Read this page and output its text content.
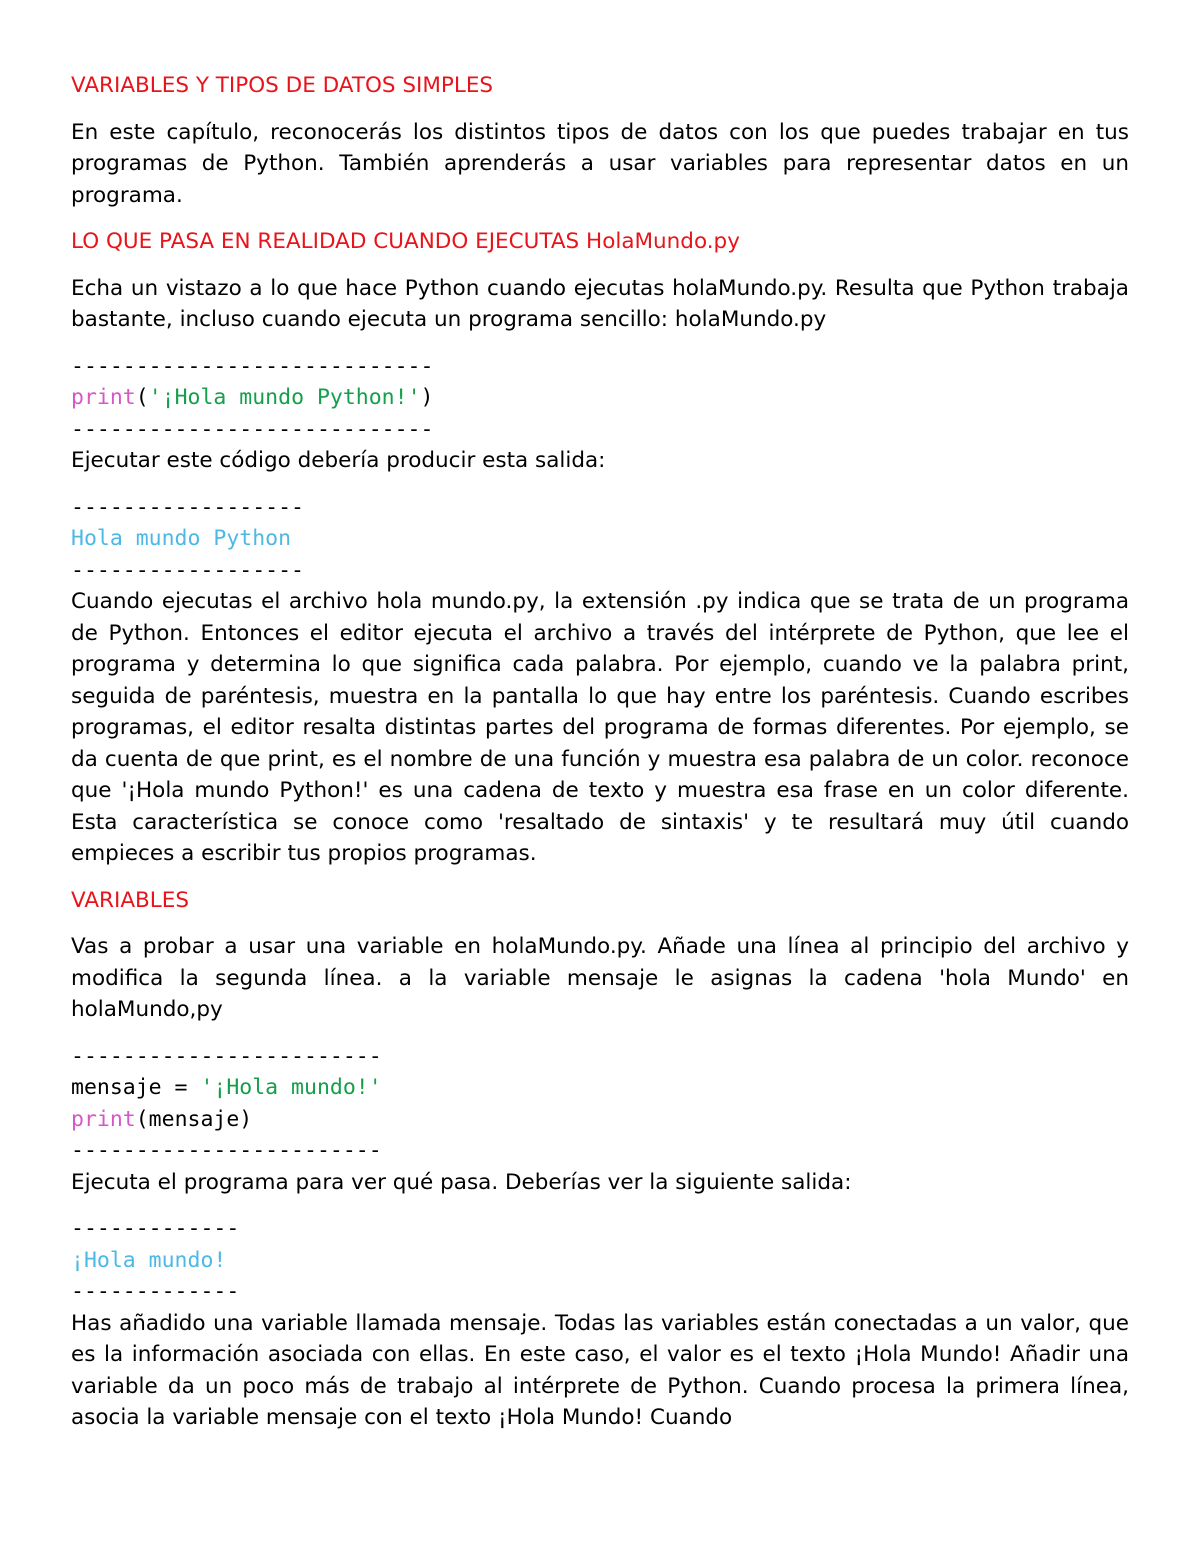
VARIABLES Y TIPOS DE DATOS SIMPLES

En este capítulo, reconocerás los distintos tipos de datos con los que puedes trabajar en tus programas de Python. También aprenderás a usar variables para representar datos en un programa.

LO QUE PASA EN REALIDAD CUANDO EJECUTAS HolaMundo.py

Echa un vistazo a lo que hace Python cuando ejecutas holaMundo.py. Resulta que Python trabaja bastante, incluso cuando ejecuta un programa sencillo: holaMundo.py

----------------------------
print('¡Hola mundo Python!')
----------------------------

Ejecutar este código debería producir esta salida:

------------------
Hola mundo Python
------------------

Cuando ejecutas el archivo hola mundo.py, la extensión .py indica que se trata de un programa de Python. Entonces el editor ejecuta el archivo a través del intérprete de Python, que lee el programa y determina lo que significa cada palabra. Por ejemplo, cuando ve la palabra print, seguida de paréntesis, muestra en la pantalla lo que hay entre los paréntesis. Cuando escribes programas, el editor resalta distintas partes del programa de formas diferentes. Por ejemplo, se da cuenta de que print, es el nombre de una función y muestra esa palabra de un color. reconoce que '¡Hola mundo Python!' es una cadena de texto y muestra esa frase en un color diferente. Esta característica se conoce como 'resaltado de sintaxis' y te resultará muy útil cuando empieces a escribir tus propios programas.

VARIABLES

Vas a probar a usar una variable en holaMundo.py. Añade una línea al principio del archivo y modifica la segunda línea. a la variable mensaje le asignas la cadena 'hola Mundo' en holaMundo,py

------------------------
mensaje = '¡Hola mundo!'
print(mensaje)
------------------------

Ejecuta el programa para ver qué pasa. Deberías ver la siguiente salida:

-------------
¡Hola mundo!
-------------

Has añadido una variable llamada mensaje. Todas las variables están conectadas a un valor, que es la información asociada con ellas. En este caso, el valor es el texto ¡Hola Mundo! Añadir una variable da un poco más de trabajo al intérprete de Python. Cuando procesa la primera línea, asocia la variable mensaje con el texto ¡Hola Mundo! Cuando
